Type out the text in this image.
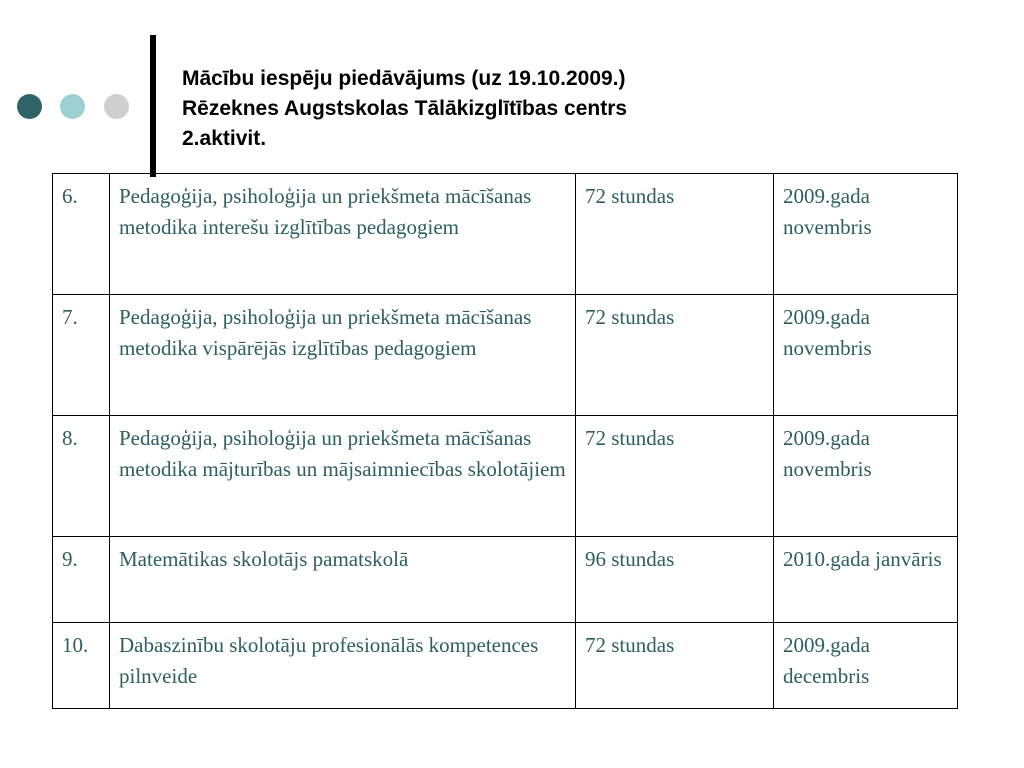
Mācību iespēju piedāvājums (uz 19.10.2009.)
Rēzeknes Augstskolas Tālākizglītības centrs
2.aktivit.
6.	Pedagoģija, psiholoģija un priekšmeta mācīšanas metodika interešu izglītības pedagogiem	72 stundas	2009.gada novembris
7.	Pedagoģija, psiholoģija un priekšmeta mācīšanas metodika vispārējās izglītības pedagogiem	72 stundas	2009.gada novembris
8.	Pedagoģija, psiholoģija un priekšmeta mācīšanas metodika mājturības un mājsaimniecības skolotājiem	72 stundas	2009.gada novembris
9.	Matemātikas skolotājs pamatskolā	96 stundas	2010.gada janvāris
10.	Dabaszinību skolotāju profesionālās kompetences pilnveide	72 stundas	2009.gada decembris
